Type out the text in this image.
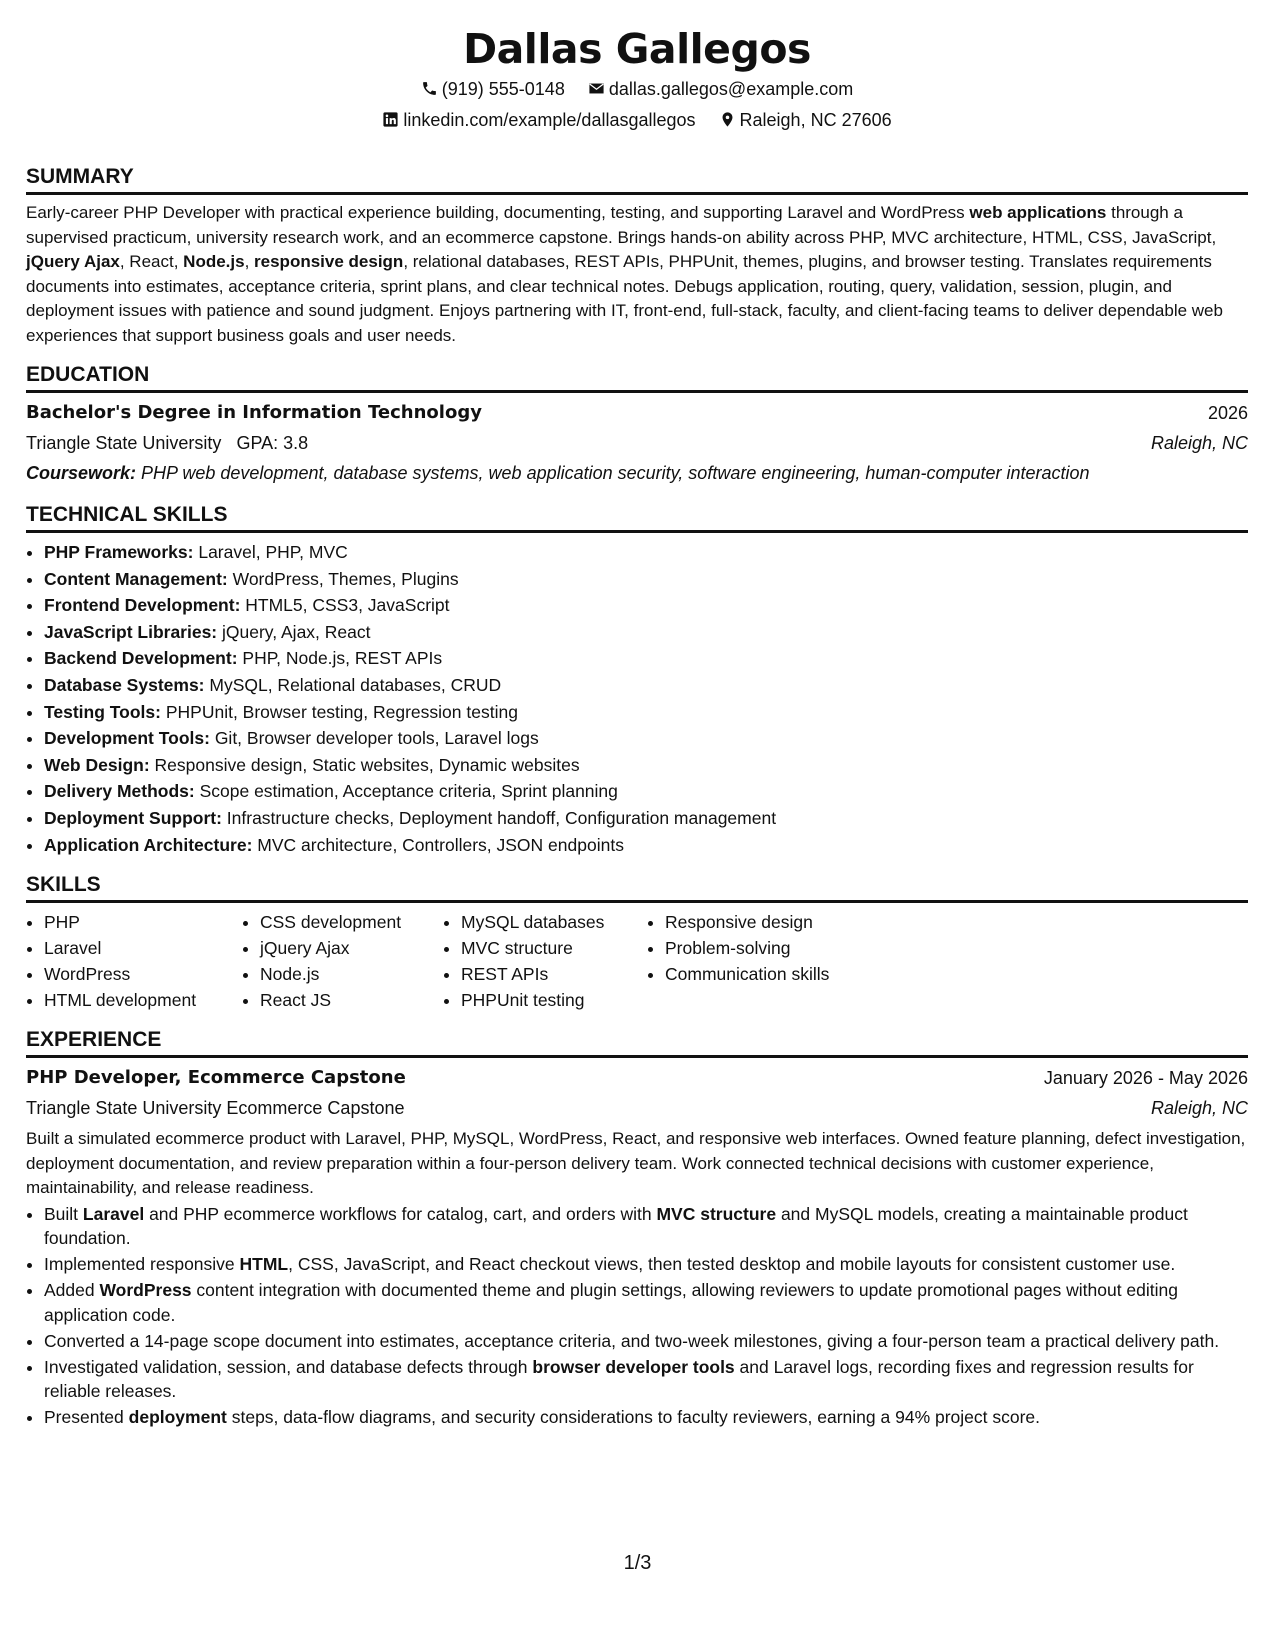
Dallas Gallegos
(919) 555-0148 dallas.gallegos@example.com
linkedin.com/example/dallasgallegos Raleigh, NC 27606
SUMMARY

Early-career PHP Developer with practical experience building, documenting, testing, and supporting Laravel and WordPress web applications through a supervised practicum, university research work, and an ecommerce capstone. Brings hands-on ability across PHP, MVC architecture, HTML, CSS, JavaScript, jQuery Ajax, React, Node.js, responsive design, relational databases, REST APIs, PHPUnit, themes, plugins, and browser testing. Translates requirements documents into estimates, acceptance criteria, sprint plans, and clear technical notes. Debugs application, routing, query, validation, session, plugin, and deployment issues with patience and sound judgment. Enjoys partnering with IT, front-end, full-stack, faculty, and client-facing teams to deliver dependable web experiences that support business goals and user needs.

EDUCATION
Bachelor's Degree in Information Technology	2026
Triangle State University GPA: 3.8	Raleigh, NC
Coursework: PHP web development, database systems, web application security, software engineering, human-computer interaction
TECHNICAL SKILLS
• PHP Frameworks: Laravel, PHP, MVC
• Content Management: WordPress, Themes, Plugins
• Frontend Development: HTML5, CSS3, JavaScript
• JavaScript Libraries: jQuery, Ajax, React
• Backend Development: PHP, Node.js, REST APIs
• Database Systems: MySQL, Relational databases, CRUD
• Testing Tools: PHPUnit, Browser testing, Regression testing
• Development Tools: Git, Browser developer tools, Laravel logs
• Web Design: Responsive design, Static websites, Dynamic websites
• Delivery Methods: Scope estimation, Acceptance criteria, Sprint planning
• Deployment Support: Infrastructure checks, Deployment handoff, Configuration management
• Application Architecture: MVC architecture, Controllers, JSON endpoints
SKILLS
• PHP
• Laravel
• WordPress
• HTML development
• CSS development
• jQuery Ajax
• Node.js
• React JS
• MySQL databases
• MVC structure
• REST APIs
• PHPUnit testing
• Responsive design
• Problem-solving
• Communication skills
EXPERIENCE
PHP Developer, Ecommerce Capstone	January 2026 - May 2026
Triangle State University Ecommerce Capstone	Raleigh, NC

Built a simulated ecommerce product with Laravel, PHP, MySQL, WordPress, React, and responsive web interfaces. Owned feature planning, defect investigation, deployment documentation, and review preparation within a four-person delivery team. Work connected technical decisions with customer experience, maintainability, and release readiness.

• Built Laravel and PHP ecommerce workflows for catalog, cart, and orders with MVC structure and MySQL models, creating a maintainable product foundation.
• Implemented responsive HTML, CSS, JavaScript, and React checkout views, then tested desktop and mobile layouts for consistent customer use.
• Added WordPress content integration with documented theme and plugin settings, allowing reviewers to update promotional pages without editing application code.
• Converted a 14-page scope document into estimates, acceptance criteria, and two-week milestones, giving a four-person team a practical delivery path.
• Investigated validation, session, and database defects through browser developer tools and Laravel logs, recording fixes and regression results for reliable releases.
• Presented deployment steps, data-flow diagrams, and security considerations to faculty reviewers, earning a 94% project score.
1/3
